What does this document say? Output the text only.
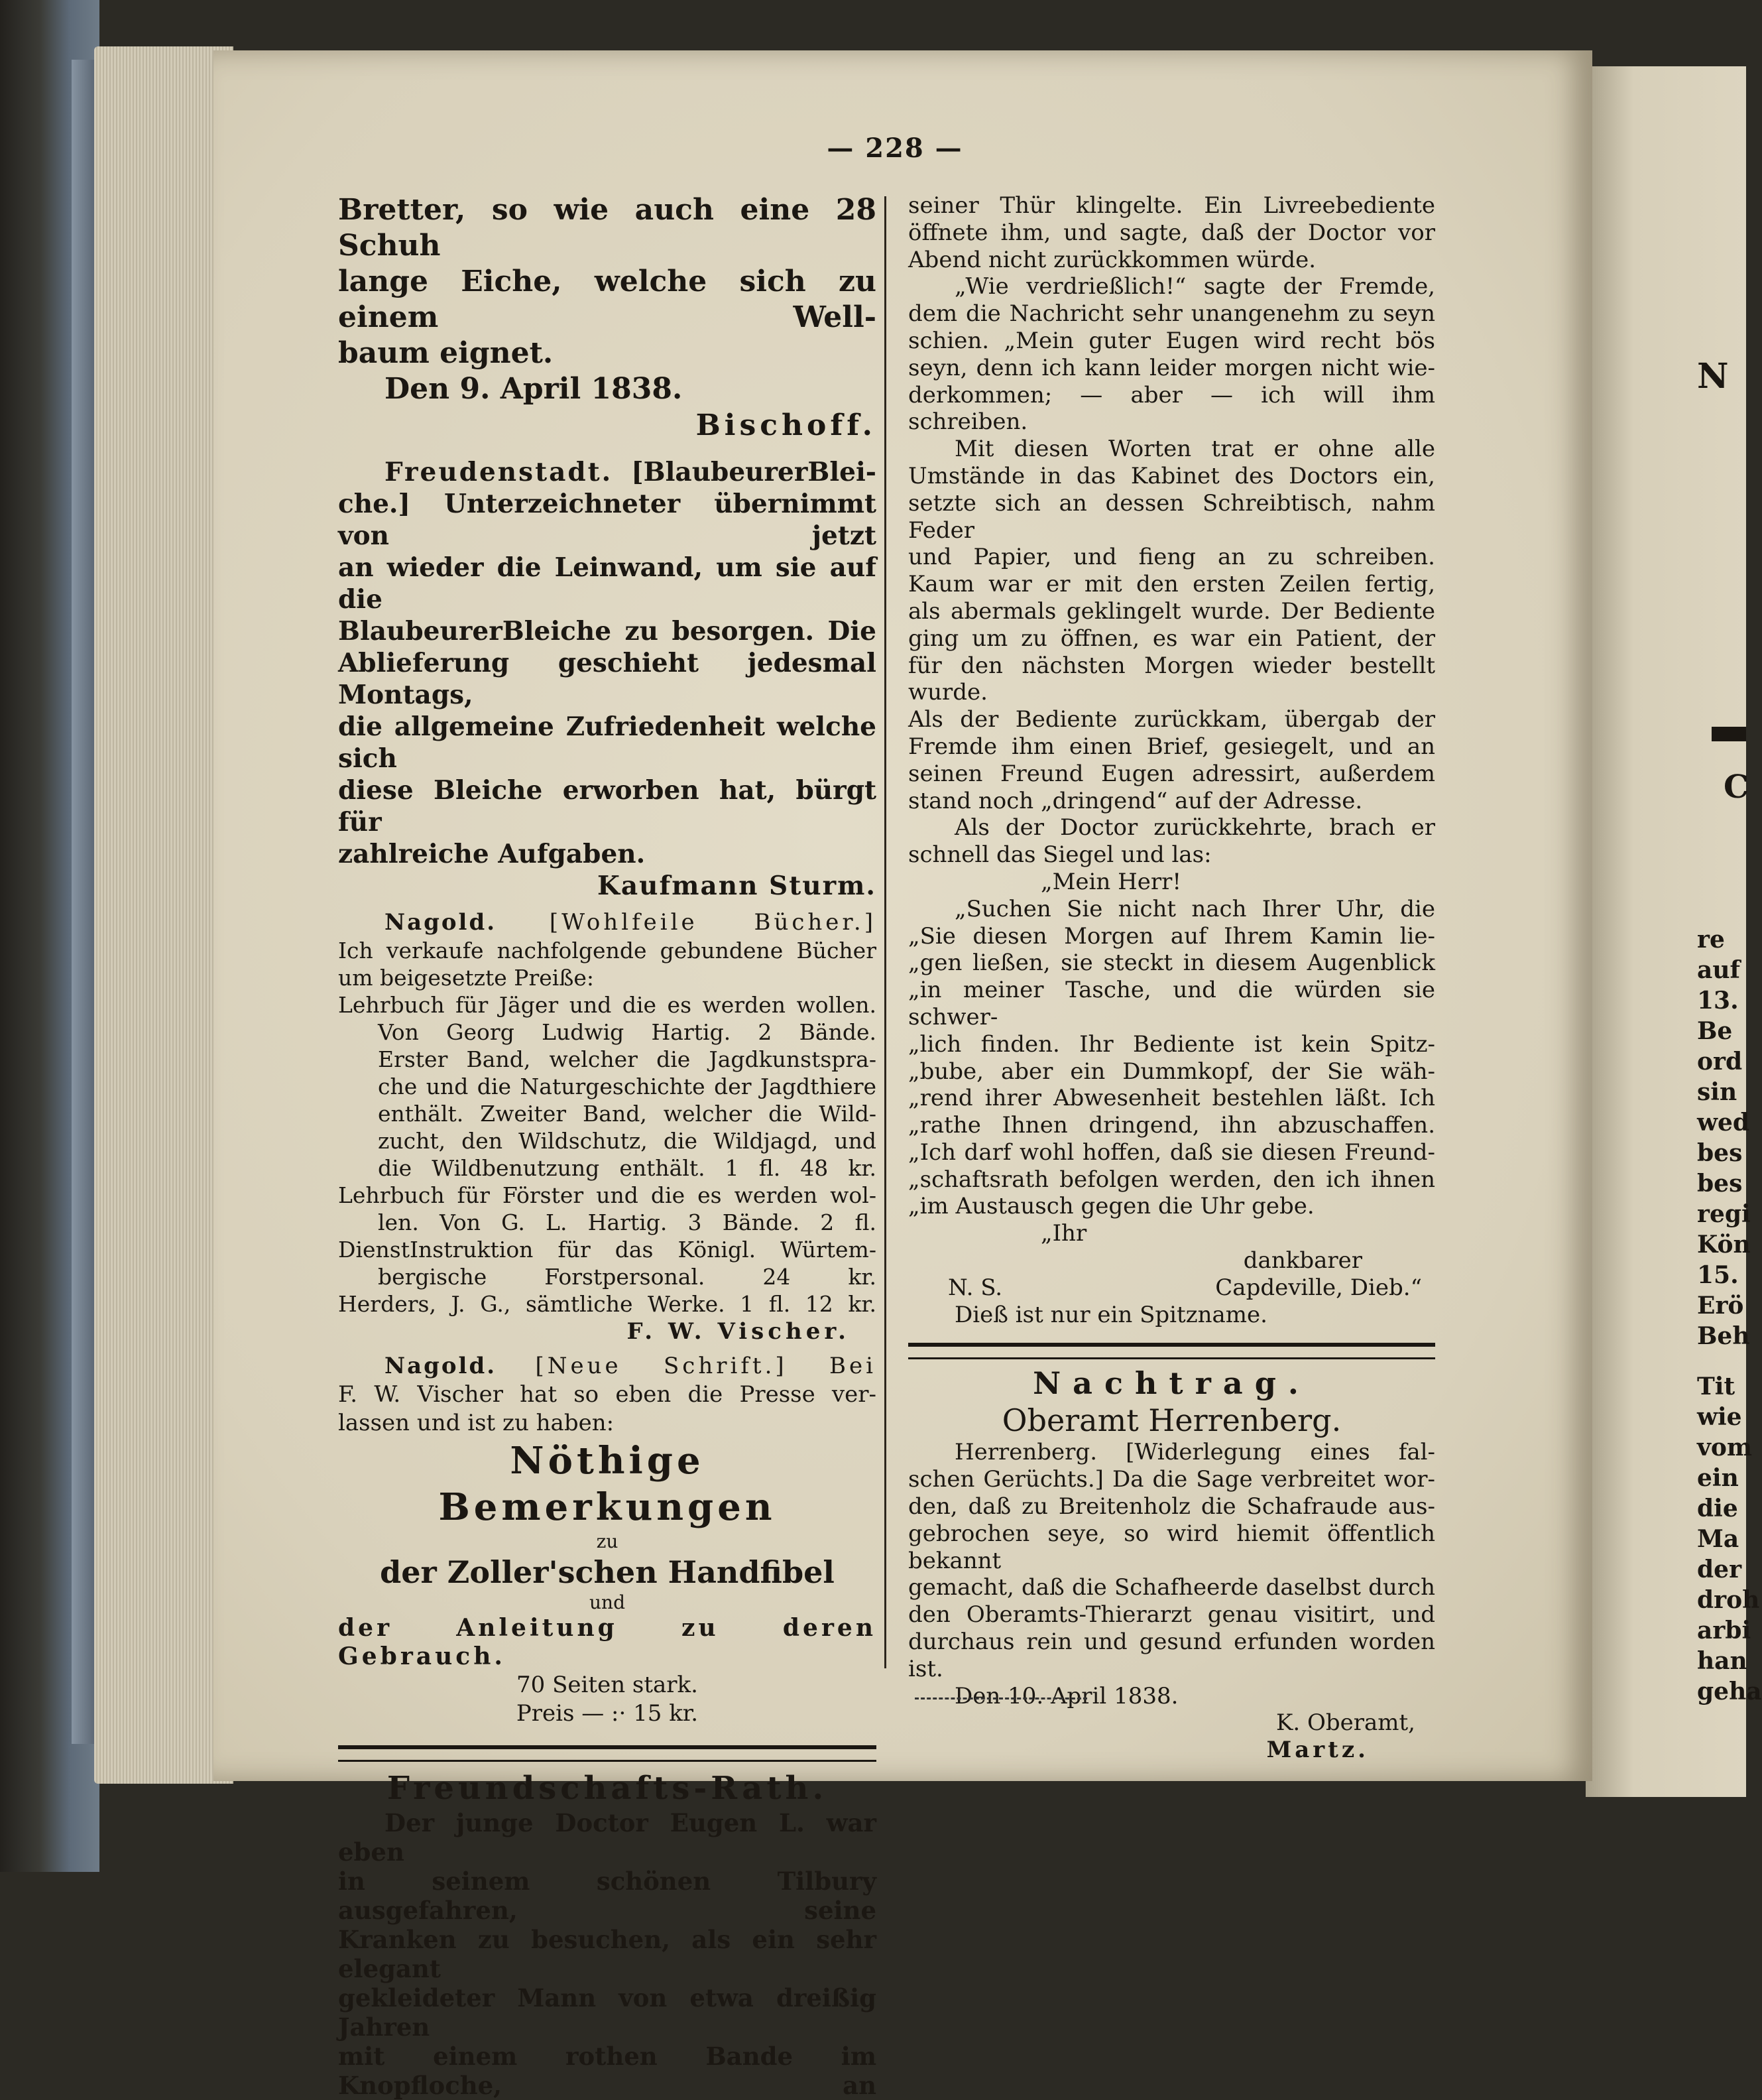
— 228 —
Bretter, so wie auch eine 28 Schuh
lange Eiche, welche sich zu einem Well-
baum eignet.
Den 9. April 1838.
Bischoff.
Freudenstadt. [BlaubeurerBlei-
che.] Unterzeichneter übernimmt von jetzt
an wieder die Leinwand, um sie auf die
BlaubeurerBleiche zu besorgen. Die
Ablieferung geschieht jedesmal Montags,
die allgemeine Zufriedenheit welche sich
diese Bleiche erworben hat, bürgt für
zahlreiche Aufgaben.
Kaufmann Sturm.
Nagold. [Wohlfeile Bücher.]
Ich verkaufe nachfolgende gebundene Bücher
um beigesetzte Preiße:
Lehrbuch für Jäger und die es werden wollen.
Von Georg Ludwig Hartig. 2 Bände.
Erster Band, welcher die Jagdkunstspra-
che und die Naturgeschichte der Jagdthiere
enthält. Zweiter Band, welcher die Wild-
zucht, den Wildschutz, die Wildjagd, und
die Wildbenutzung enthält. 1 fl. 48 kr.
Lehrbuch für Förster und die es werden wol-
len. Von G. L. Hartig. 3 Bände. 2 fl.
DienstInstruktion für das Königl. Würtem-
bergische Forstpersonal. 24 kr.
Herders, J. G., sämtliche Werke. 1 fl. 12 kr.
F. W. Vischer.
Nagold. [Neue Schrift.] Bei
F. W. Vischer hat so eben die Presse ver-
lassen und ist zu haben:
Nöthige Bemerkungen
zu
der Zoller'schen Handfibel
und
der Anleitung zu deren Gebrauch.
70 Seiten stark.
Preis — :· 15 kr.
Freundschafts-Rath.
Der junge Doctor Eugen L. war eben
in seinem schönen Tilbury ausgefahren, seine
Kranken zu besuchen, als ein sehr elegant
gekleideter Mann von etwa dreißig Jahren
mit einem rothen Bande im Knopfloche, an
seiner Thür klingelte. Ein Livreebediente
öffnete ihm, und sagte, daß der Doctor vor
Abend nicht zurückkommen würde.
„Wie verdrießlich!“ sagte der Fremde,
dem die Nachricht sehr unangenehm zu seyn
schien. „Mein guter Eugen wird recht bös
seyn, denn ich kann leider morgen nicht wie-
derkommen; — aber — ich will ihm schreiben.
Mit diesen Worten trat er ohne alle
Umstände in das Kabinet des Doctors ein,
setzte sich an dessen Schreibtisch, nahm Feder
und Papier, und fieng an zu schreiben.
Kaum war er mit den ersten Zeilen fertig,
als abermals geklingelt wurde. Der Bediente
ging um zu öffnen, es war ein Patient, der
für den nächsten Morgen wieder bestellt wurde.
Als der Bediente zurückkam, übergab der
Fremde ihm einen Brief, gesiegelt, und an
seinen Freund Eugen adressirt, außerdem
stand noch „dringend“ auf der Adresse.
Als der Doctor zurückkehrte, brach er
schnell das Siegel und las:
„Mein Herr!
„Suchen Sie nicht nach Ihrer Uhr, die
„Sie diesen Morgen auf Ihrem Kamin lie-
„gen ließen, sie steckt in diesem Augenblick
„in meiner Tasche, und die würden sie schwer-
„lich finden. Ihr Bediente ist kein Spitz-
„bube, aber ein Dummkopf, der Sie wäh-
„rend ihrer Abwesenheit bestehlen läßt. Ich
„rathe Ihnen dringend, ihn abzuschaffen.
„Ich darf wohl hoffen, daß sie diesen Freund-
„schaftsrath befolgen werden, den ich ihnen
„im Austausch gegen die Uhr gebe.
„Ihr
dankbarer
N. S.	Capdeville, Dieb.“
Dieß ist nur ein Spitzname.
Nachtrag.
Oberamt Herrenberg.
Herrenberg. [Widerlegung eines fal-
schen Gerüchts.] Da die Sage verbreitet wor-
den, daß zu Breitenholz die Schafraude aus-
gebrochen seye, so wird hiemit öffentlich bekannt
gemacht, daß die Schafheerde daselbst durch
den Oberamts-Thierarzt genau visitirt, und
durchaus rein und gesund erfunden worden ist.
Den 10. April 1838.
K. Oberamt,
Martz.
N
C
re
auf
13.
Be
ord
sin
wed
bes
bes
regi
Kön
15.
Erö
Beh
Tit
wie
vom
ein
die
Ma
der
droh
arbi
han
geha
